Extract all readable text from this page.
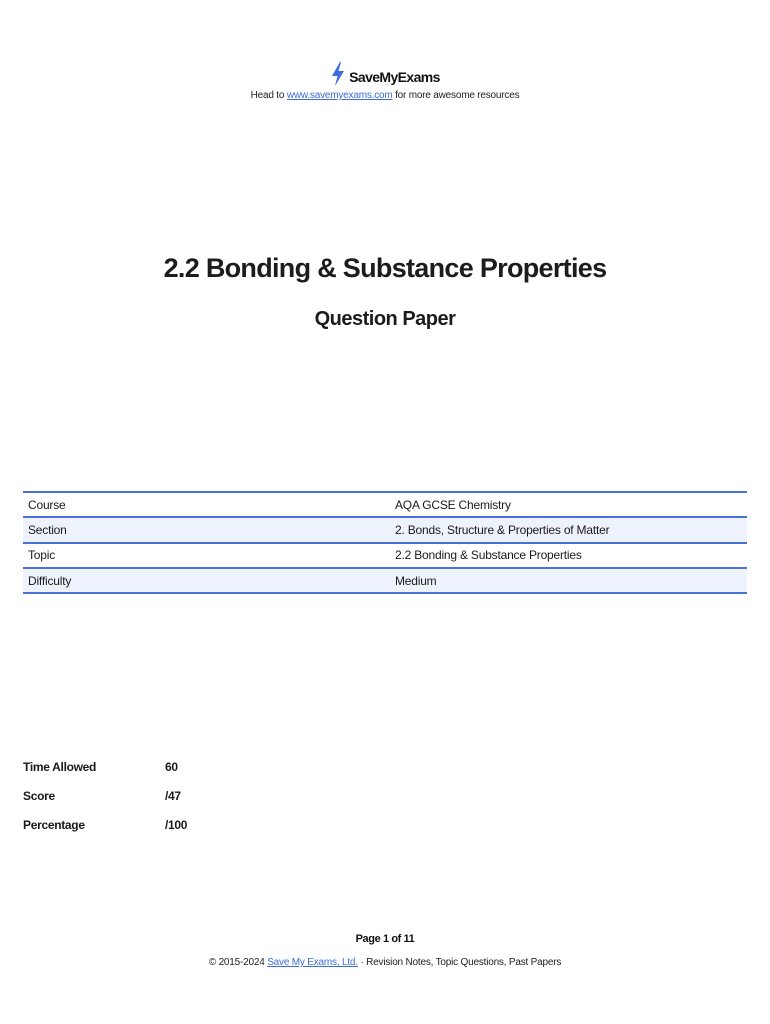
SaveMyExams
Head to www.savemyexams.com for more awesome resources
2.2 Bonding & Substance Properties
Question Paper
Course	AQA GCSE Chemistry
Section	2. Bonds, Structure & Properties of Matter
Topic	2.2 Bonding & Substance Properties
Difficulty	Medium
Time Allowed	60
Score	/47
Percentage	/100
Page 1 of 11
© 2015-2024 Save My Exams, Ltd. · Revision Notes, Topic Questions, Past Papers
